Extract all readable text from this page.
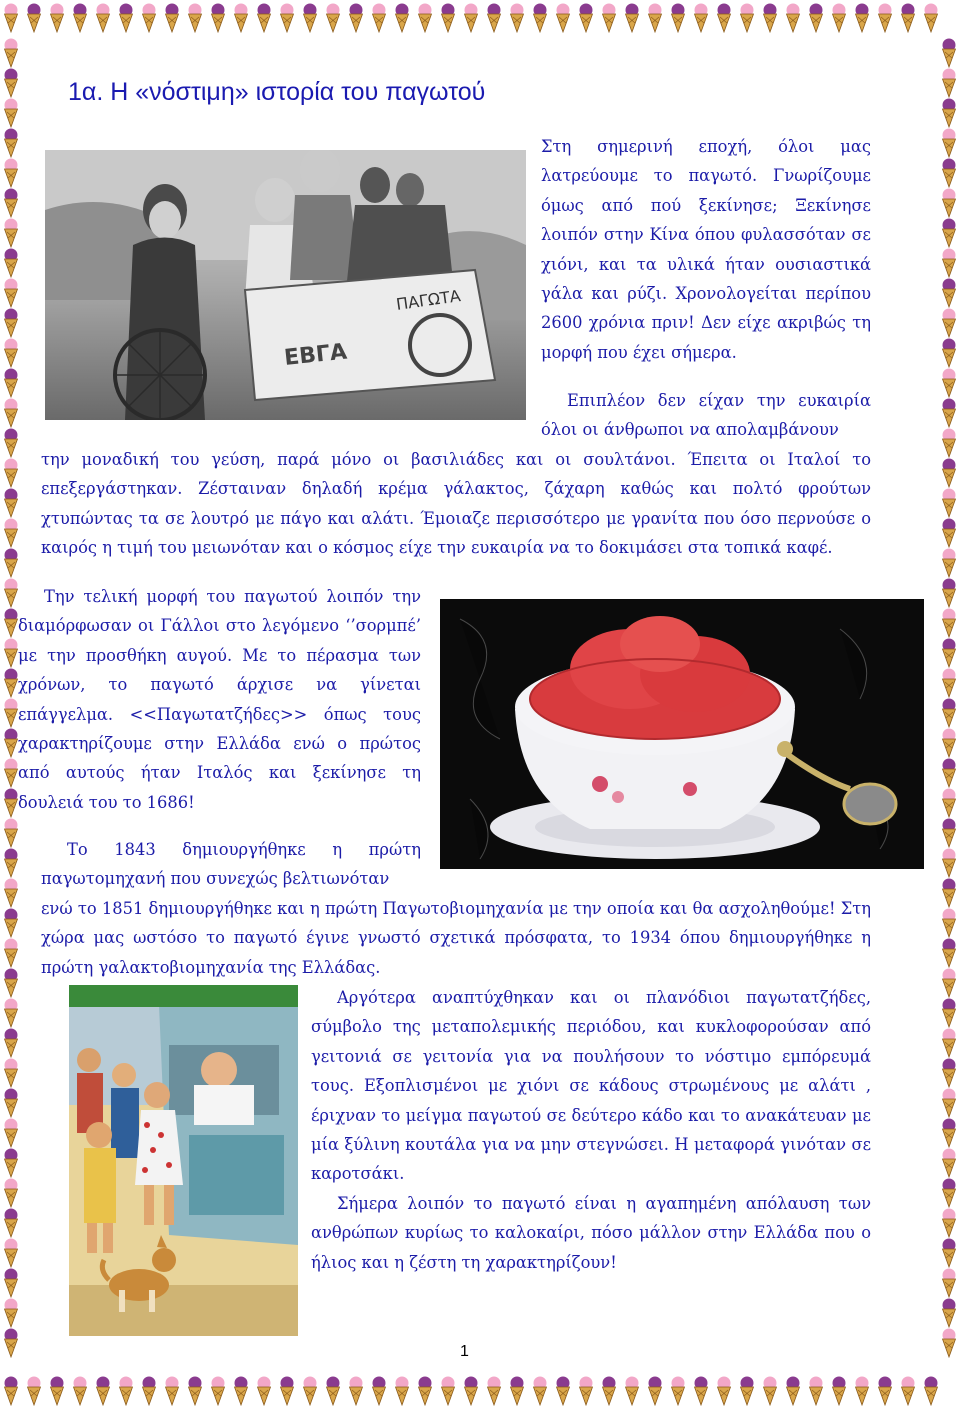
1α. Η «νόστιμη» ιστορία του παγωτού
ΠΑΓΩΤΑ
ΕΒΓΑ

Στη σημερινή εποχή, όλοι μας λατρεύουμε το παγωτό. Γνωρίζουμε όμως από πού ξεκίνησε; Ξεκίνησε λοιπόν στην Κίνα όπου φυλασσόταν σε χιόνι, και τα υλικά ήταν ουσιαστικά γάλα και ρύζι. Χρονολογείται περίπου 2600 χρόνια πριν! Δεν είχε ακριβώς τη μορφή που έχει σήμερα.

Επιπλέον δεν είχαν την ευκαιρία όλοι οι άνθρωποι να απολαμβάνουν

την μοναδική του γεύση, παρά μόνο οι βασιλιάδες και οι σουλτάνοι. Έπειτα οι Ιταλοί το επεξεργάστηκαν. Ζέσταιναν δηλαδή κρέμα γάλακτος, ζάχαρη καθώς και πολτό φρούτων χτυπώντας τα σε λουτρό με πάγο και αλάτι. Έμοιαζε περισσότερο με γρανίτα που όσο περνούσε ο καιρός η τιμή του μειωνόταν και ο κόσμος είχε την ευκαιρία να το δοκιμάσει στα τοπικά καφέ.

Την τελική μορφή του παγωτού λοιπόν την διαμόρφωσαν οι Γάλλοι στο λεγόμενο ‘’σορμπέ’ με την προσθήκη αυγού. Με το πέρασμα των χρόνων, το παγωτό άρχισε να γίνεται επάγγελμα. <<Παγωτατζήδες>> όπως τους χαρακτηρίζουμε στην Ελλάδα ενώ ο πρώτος από αυτούς ήταν Ιταλός και ξεκίνησε τη δουλειά του το 1686!

Το 1843 δημιουργήθηκε η πρώτη παγωτομηχανή που συνεχώς βελτιωνόταν

ενώ το 1851 δημιουργήθηκε και η πρώτη Παγωτοβιομηχανία με την οποία και θα ασχοληθούμε! Στη χώρα μας ωστόσο το παγωτό έγινε γνωστό σχετικά πρόσφατα, το 1934 όπου δημιουργήθηκε η πρώτη γαλακτοβιομηχανία της Ελλάδας.

Αργότερα αναπτύχθηκαν και οι πλανόδιοι παγωτατζήδες, σύμβολο της μεταπολεμικής περιόδου, και κυκλοφορούσαν από γειτονιά σε γειτονία για να πουλήσουν το νόστιμο εμπόρευμά τους. Εξοπλισμένοι με χιόνι σε κάδους στρωμένους με αλάτι , έριχναν το μείγμα παγωτού σε δεύτερο κάδο και το ανακάτευαν με μία ξύλινη κουτάλα για να μην στεγνώσει. Η μεταφορά γινόταν σε καροτσάκι.

Σήμερα λοιπόν το παγωτό είναι η αγαπημένη απόλαυση των ανθρώπων κυρίως το καλοκαίρι, πόσο μάλλον στην Ελλάδα που ο ήλιος και η ζέστη τη χαρακτηρίζουν!

1
